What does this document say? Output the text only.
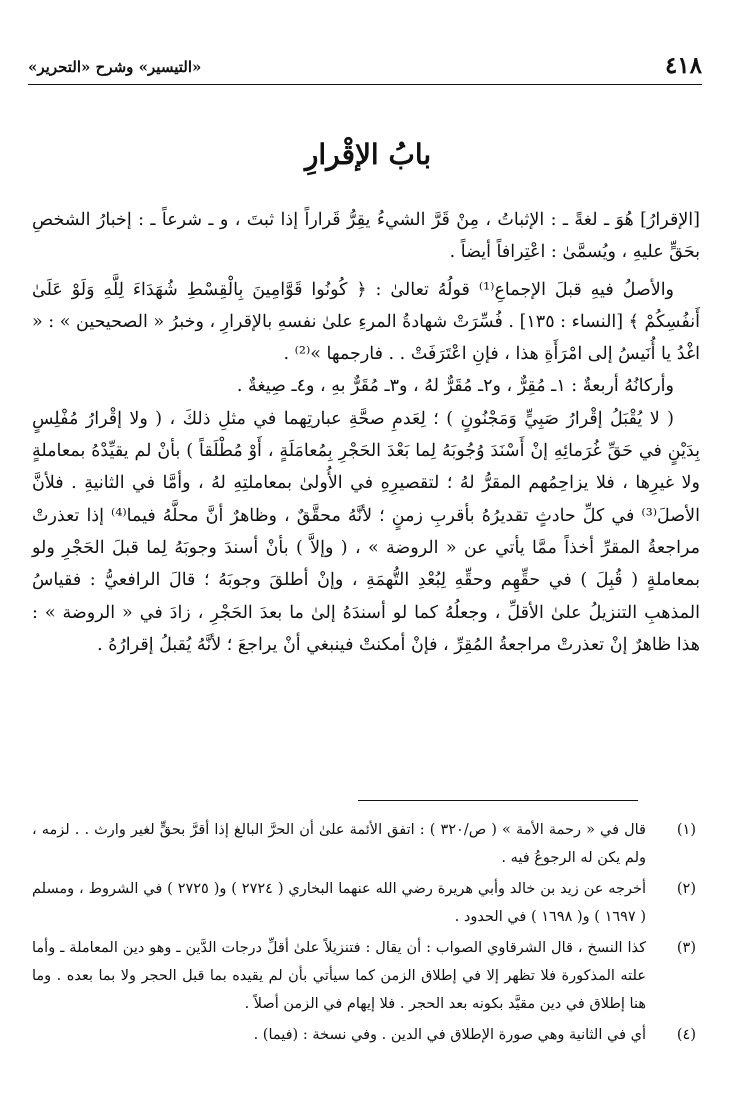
٤١٨
«التيسير» وشرح «التحرير»
بابُ الإقْرارِ

[الإقرارُ] هُوَ ـ لغةً ـ : الإثباتُ ، مِنْ قَرَّ الشيءُ يقِرُّ قَراراً إذا ثبتَ ، و ـ شرعاً ـ : إخبارُ الشخصِ بحَقٍّ عليهِ ، ويُسمَّىٰ : اعْتِرافاً أيضاً .

والأصلُ فيهِ قبلَ الإجماعِ⁽¹⁾ قولُهُ تعالىٰ : ﴿ كُونُوا قَوَّامِينَ بِالْقِسْطِ شُهَدَاءَ لِلَّهِ وَلَوْ عَلَىٰ أَنفُسِكُمْ ﴾ [النساء : ١٣٥] . فُسِّرَتْ شهادةُ المرءِ علىٰ نفسهِ بالإقرارِ ، وخبرُ « الصحيحين » : « اغْدُ يا أُنَيسُ إلى امْرَأَةِ هذا ، فإنِ اعْتَرَفَتْ . . فارجمها »⁽²⁾ .

وأركانُهُ أربعةٌ : ١ـ مُقِرٌّ ، و٢ـ مُقَرٌّ لهُ ، و٣ـ مُقَرٌّ بهِ ، و٤ـ صِيغةٌ .

( لا يُقْبَلُ إقْرارُ صَبِيٍّ وَمَجْنُونٍ ) ؛ لِعَدمِ صحَّةِ عبارتِهما في مثلِ ذلكَ ، ( ولا إقْرارُ مُفْلِسٍ بِدَيْنٍ في حَقِّ غُرَمائِهِ إنْ أَسْنَدَ وُجُوبَهُ لِما بَعْدَ الحَجْرِ بِمُعامَلَةٍ ، أَوْ مُطْلَقاً ) بأنْ لم يقيِّدْهُ بمعاملةٍ ولا غيرِها ، فلا يزاحِمُهم المقرُّ لهُ ؛ لتقصيرِهِ في الأُولىٰ بمعاملتِهِ لهُ ، وأمَّا في الثانيةِ . فلأنَّ الأصلَ⁽³⁾ في كلِّ حادثٍ تقديرُهُ بأقربِ زمنٍ ؛ لأنَّهُ محقَّقٌ ، وظاهرٌ أنَّ محلَّهُ فيما⁽⁴⁾ إذا تعذرتْ مراجعةُ المقرِّ أخذاً ممَّا يأتي عن « الروضة » ، ( وإلاَّ ) بأنْ أسندَ وجوبَهُ لِما قبلَ الحَجْرِ ولو بمعاملةٍ ( قُبِلَ ) في حقِّهِم وحقِّهِ لِبُعْدِ التُّهمَةِ ، وإنْ أطلقَ وجوبَهُ ؛ قالَ الرافعيُّ : فقياسُ المذهبِ التنزيلُ علىٰ الأقلِّ ، وجعلُهُ كما لو أسندَهُ إلىٰ ما بعدَ الحَجْرِ ، زادَ في « الروضة » : هذا ظاهرٌ إنْ تعذرتْ مراجعةُ المُقِرِّ ، فإنْ أمكنتْ فينبغي أنْ يراجعَ ؛ لأنَّهُ يُقبلُ إقرارُهُ .

(١)
قال في « رحمة الأمة » ( ص/٣٢٠ ) : اتفق الأئمة علىٰ أن الحرَّ البالغ إذا أقرَّ بحقٍّ لغير وارث . . لزمه ، ولم يكن له الرجوعُ فيه .
(٢)
أخرجه عن زيد بن خالد وأبي هريرة رضي الله عنهما البخاري ( ٢٧٢٤ ) و( ٢٧٢٥ ) في الشروط ، ومسلم ( ١٦٩٧ ) و( ١٦٩٨ ) في الحدود .
(٣)
كذا النسخ ، قال الشرقاوي الصواب : أن يقال : فتنزيلاً علىٰ أقلِّ درجات الدَّين ـ وهو دين المعاملة ـ وأما علته المذكورة فلا تظهر إلا في إطلاق الزمن كما سيأتي بأن لم يقيده بما قبل الحجر ولا بما بعده . وما هنا إطلاق في دين مقيَّد بكونه بعد الحجر . فلا إيهام في الزمن أصلاً .
(٤)
أي في الثانية وهي صورة الإطلاق في الدين . وفي نسخة : (فيما) .
